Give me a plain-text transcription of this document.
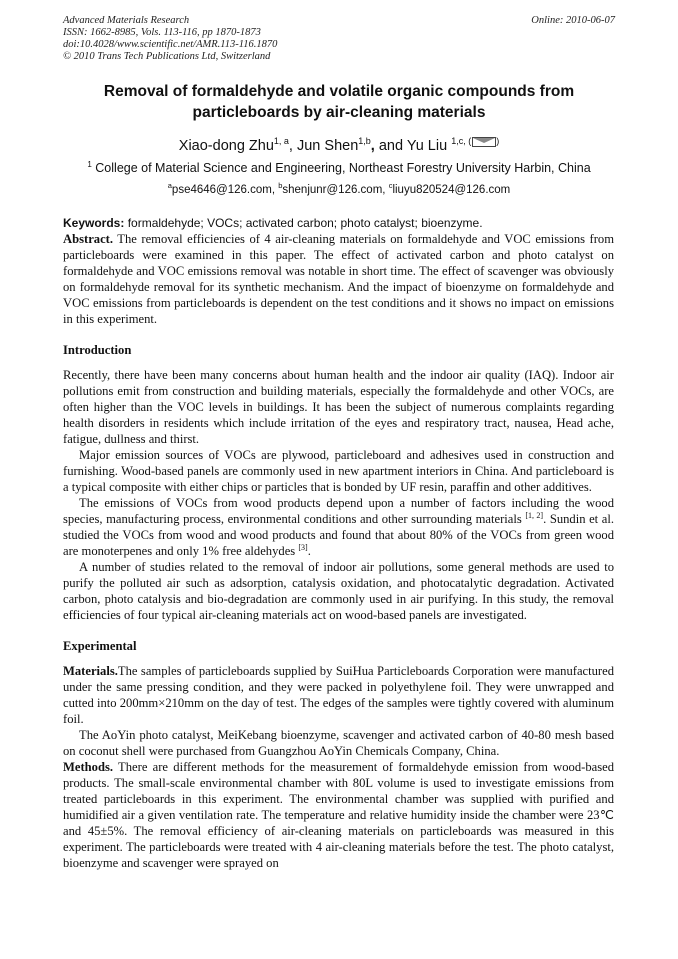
Advanced Materials Research	Online: 2010-06-07
ISSN: 1662-8985, Vols. 113-116, pp 1870-1873
doi:10.4028/www.scientific.net/AMR.113-116.1870
© 2010 Trans Tech Publications Ltd, Switzerland
Removal of formaldehyde and volatile organic compounds from particleboards by air-cleaning materials
Xiao-dong Zhu$^{1, a}$, Jun Shen$^{1,b}$, and Yu Liu $^{1,c, (}$	)
$^1$ College of Material Science and Engineering, Northeast Forestry University Harbin, China
$^a$pse4646@126.com, $^b$shenjunr@126.com, $^c$liuyu820524@126.com
Keywords: formaldehyde; VOCs; activated carbon; photo catalyst; bioenzyme.

Abstract. The removal efficiencies of 4 air-cleaning materials on formaldehyde and VOC emissions from particleboards were examined in this paper. The effect of activated carbon and photo catalyst on formaldehyde and VOC emissions removal was notable in short time. The effect of scavenger was obviously on formaldehyde removal for its synthetic mechanism. And the impact of bioenzyme on formaldehyde and VOC emissions from particleboards is dependent on the test conditions and it shows no impact on emissions in this experiment.

Introduction

Recently, there have been many concerns about human health and the indoor air quality (IAQ). Indoor air pollutions emit from construction and building materials, especially the formaldehyde and other VOCs, are often higher than the VOC levels in buildings. It has been the subject of numerous complaints regarding health disorders in residents which include irritation of the eyes and respiratory tract, nausea, Head ache, fatigue, dullness and thirst.

Major emission sources of VOCs are plywood, particleboard and adhesives used in construction and furnishing. Wood-based panels are commonly used in new apartment interiors in China. And particleboard is a typical composite with either chips or particles that is bonded by UF resin, paraffin and other additives.

The emissions of VOCs from wood products depend upon a number of factors including the wood species, manufacturing process, environmental conditions and other surrounding materials [1, 2]. Sundin et al. studied the VOCs from wood and wood products and found that about 80% of the VOCs from green wood are monoterpenes and only 1% free aldehydes [3].

A number of studies related to the removal of indoor air pollutions, some general methods are used to purify the polluted air such as adsorption, catalysis oxidation, and photocatalytic degradation. Activated carbon, photo catalysis and bio-degradation are commonly used in air purifying. In this study, the removal efficiencies of four typical air-cleaning materials act on wood-based panels are investigated.

Experimental

Materials.The samples of particleboards supplied by SuiHua Particleboards Corporation were manufactured under the same pressing condition, and they were packed in polyethylene foil. They were unwrapped and cutted into 200mm×210mm on the day of test. The edges of the samples were tightly covered with aluminum foil.

The AoYin photo catalyst, MeiKebang bioenzyme, scavenger and activated carbon of 40-80 mesh based on coconut shell were purchased from Guangzhou AoYin Chemicals Company, China.

Methods. There are different methods for the measurement of formaldehyde emission from wood-based products. The small-scale environmental chamber with 80L volume is used to investigate emissions from treated particleboards in this experiment. The environmental chamber was supplied with purified and humidified air a given ventilation rate. The temperature and relative humidity inside the chamber were 23℃ and 45±5%. The removal efficiency of air-cleaning materials on particleboards was measured in this experiment. The particleboards were treated with 4 air-cleaning materials before the test. The photo catalyst, bioenzyme and scavenger were sprayed on
